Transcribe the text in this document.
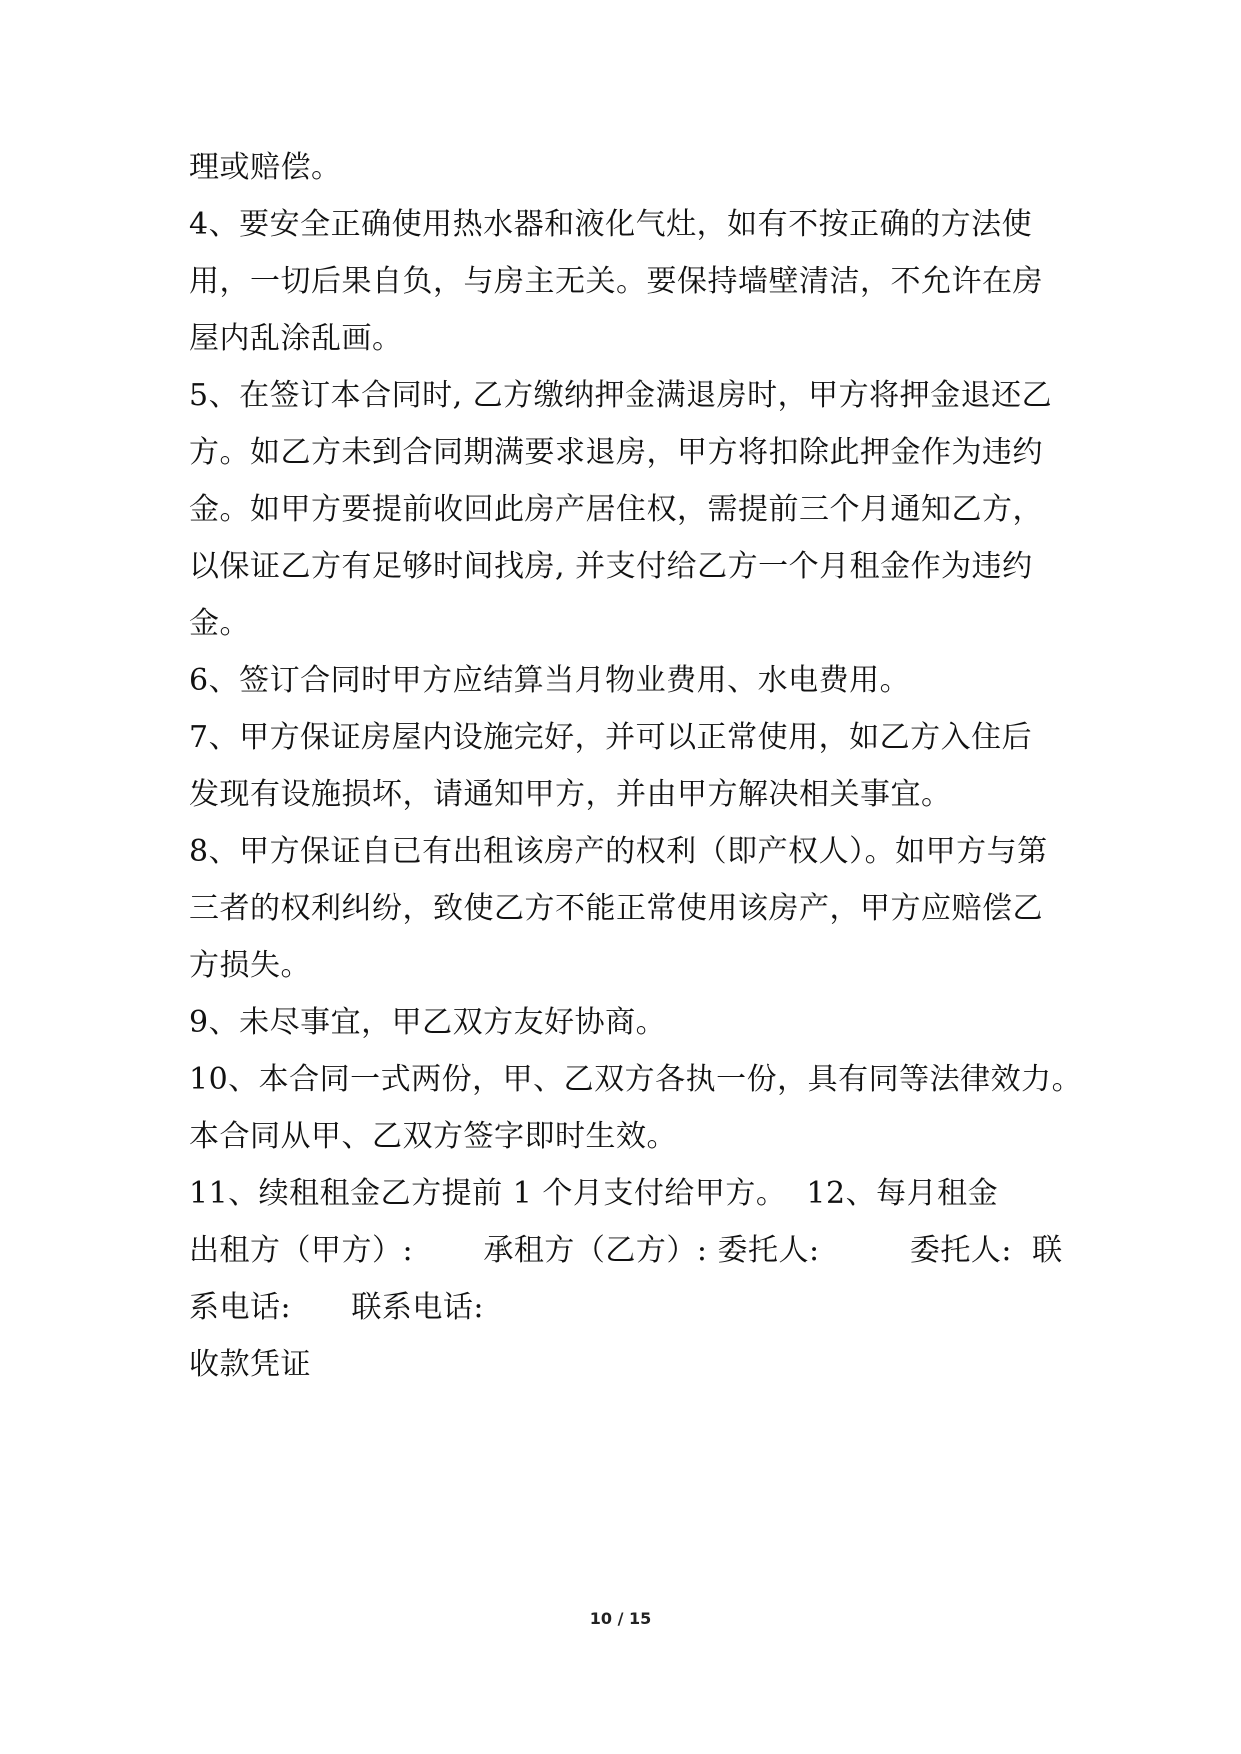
理或赔偿。
4、要安全正确使用热水器和液化气灶，如有不按正确的方法使
用，一切后果自负，与房主无关。要保持墙壁清洁，不允许在房
屋内乱涂乱画。
5、在签订本合同时, 乙方缴纳押金满退房时，甲方将押金退还乙
方。如乙方未到合同期满要求退房，甲方将扣除此押金作为违约
金。如甲方要提前收回此房产居住权，需提前三个月通知乙方，
以保证乙方有足够时间找房, 并支付给乙方一个月租金作为违约
金。
6、签订合同时甲方应结算当月物业费用、水电费用。
7、甲方保证房屋内设施完好，并可以正常使用，如乙方入住后
发现有设施损坏，请通知甲方，并由甲方解决相关事宜。
8、甲方保证自已有出租该房产的权利（即产权人）。如甲方与第
三者的权利纠纷，致使乙方不能正常使用该房产，甲方应赔偿乙
方损失。
9、未尽事宜，甲乙双方友好协商。
10、本合同一式两份，甲、乙双方各执一份，具有同等法律效力。
本合同从甲、乙双方签字即时生效。
11、续租租金乙方提前 1 个月支付给甲方。  12、每月租金
出租方（甲方）:       承租方（乙方）: 委托人:         委托人:  联
系电话:      联系电话:
收款凭证
10 / 15
